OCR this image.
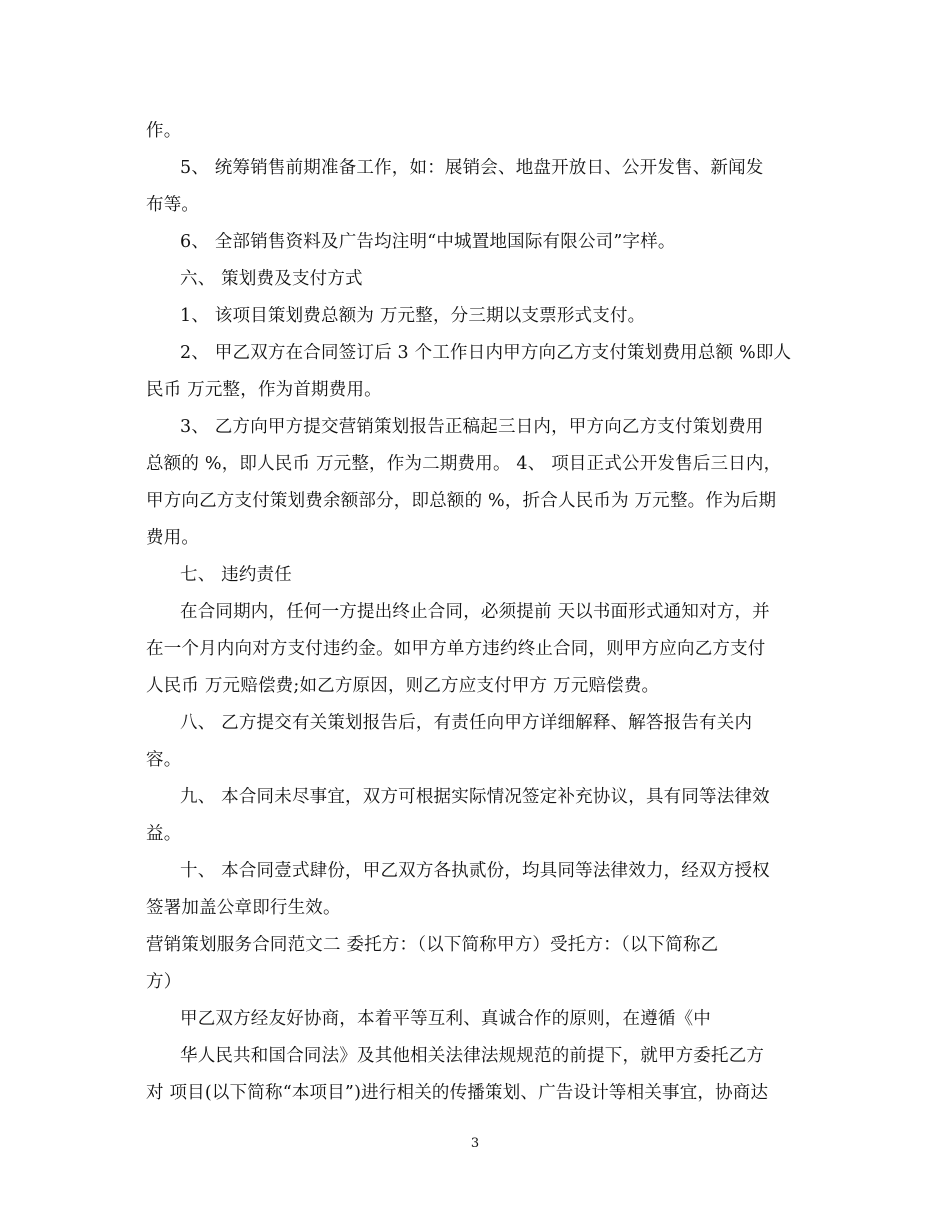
作。
5、 统筹销售前期准备工作，如：展销会、地盘开放日、公开发售、新闻发
布等。
6、 全部销售资料及广告均注明“中城置地国际有限公司”字样。
六、 策划费及支付方式
1、 该项目策划费总额为 万元整，分三期以支票形式支付。
2、 甲乙双方在合同签订后 3 个工作日内甲方向乙方支付策划费用总额 %即人
民币 万元整，作为首期费用。
3、 乙方向甲方提交营销策划报告正稿起三日内，甲方向乙方支付策划费用
总额的 %，即人民币 万元整，作为二期费用。 4、 项目正式公开发售后三日内，
甲方向乙方支付策划费余额部分，即总额的 %，折合人民币为 万元整。作为后期
费用。
七、 违约责任
在合同期内，任何一方提出终止合同，必须提前 天以书面形式通知对方，并
在一个月内向对方支付违约金。如甲方单方违约终止合同，则甲方应向乙方支付
人民币 万元赔偿费;如乙方原因，则乙方应支付甲方 万元赔偿费。
八、 乙方提交有关策划报告后，有责任向甲方详细解释、解答报告有关内
容。
九、 本合同未尽事宜，双方可根据实际情况签定补充协议，具有同等法律效
益。
十、 本合同壹式肆份，甲乙双方各执贰份，均具同等法律效力，经双方授权
签署加盖公章即行生效。
营销策划服务合同范文二 委托方：（以下简称甲方）受托方：（以下简称乙
方）
甲乙双方经友好协商，本着平等互利、真诚合作的原则，在遵循《中
华人民共和国合同法》及其他相关法律法规规范的前提下，就甲方委托乙方
对 项目(以下简称“本项目”)进行相关的传播策划、广告设计等相关事宜，协商达
3
